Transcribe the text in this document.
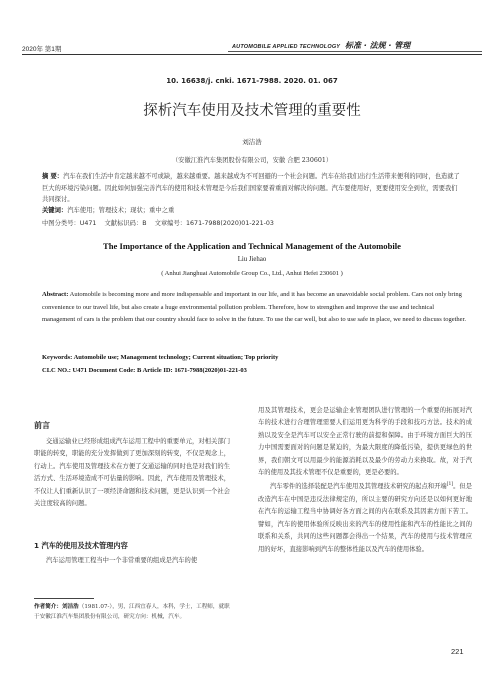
2020年 第1期	AUTOMOBILE APPLIED TECHNOLOGY 标准 · 法规 · 管理
10. 16638/j. cnki. 1671-7988. 2020. 01. 067
探析汽车使用及技术管理的重要性
刘洁浩
（安徽江淮汽车集团股份有限公司，安徽 合肥 230601）
摘 要：汽车在我们生活中肯定越来越不可或缺，越来越重要。越来越成为不可回避的一个社会问题。汽车在给我们出行生活带来便利的同时，也造就了巨大的环境污染问题。因此如何加强完善汽车的使用和技术管理是今后我们国家要着重面对解决的问题。汽车要使用好，更要使用安全到位，需要我们共同探讨。
关键词：汽车使用；管理技术；现状；重中之重
中图分类号：U471 文献标识码：B 文章编号：1671-7988(2020)01-221-03
The Importance of the Application and Technical Management of the Automobile
Liu Jiehao
( Anhui Jianghuai Automobile Group Co., Ltd., Anhui Hefei 230601 )
Abstract: Automobile is becoming more and more indispensable and important in our life, and it has become an unavoidable social problem. Cars not only bring convenience to our travel life, but also create a huge environmental pollution problem. Therefore, how to strengthen and improve the use and technical management of cars is the problem that our country should face to solve in the future. To use the car well, but also to use safe in place, we need to discuss together.
Keywords: Automobile use; Management technology; Current situation; Top priority
CLC NO.: U471 Document Code: B Article ID: 1671-7988(2020)01-221-03
前言

交通运输业已经形成组成汽车运用工程中的重要单元，对相关部门职能的转变，职能的充分发挥做到了更加深刻的转变，不仅是观念上，行动上。汽车使用及管理技术在方便了交通运输的同时也是对我们的生活方式、生活环境造成不可估量的影响。因此，汽车使用及管理技术，不仅让人们重新认识了一项经济命题和技术问题，更是认识到一个社会关注度较高的问题。

1 汽车的使用及技术管理内容

汽车运用管理工程当中一个非常重要的组成是汽车的使

作者简介：刘洁浩（1981.07-），男，江西宜春人，本科，学士，工程师，就职于安徽江淮汽车集团股份有限公司，研究方向：机械，汽车。

用及其管理技术，更会是运输企业管理团队进行管理的一个重要的拓展对汽车的技术进行合理管理需要人们运用更为科学的手段和技巧方法。技术的成熟以及安全是汽车可以安全正常行驶的前提和保障。由于环境方面巨大的压力中国需要面对的问题是紧迫的，为最大限度的降低污染，提供更绿色的世界，我们朝文可以用最少的能源消耗以及最少的劳动力来换取。故，对于汽车的使用及其技术管理不仅是重要的，更是必要的。

汽车零件的选择装配是汽车使用及其管理技术研究的起点和开端[1]。但是改造汽车在中国是违反法律规定的，所以主要的研究方向还是以如何更好地在汽车的运输工程当中协调好各方面之间的内在联系及其因素方面下苦工。譬如，汽车的使用体验所反映出来的汽车的使用性能和汽车的性能比之间的联系和关系，共同的这些问题都会得出一个结果，汽车的使用与技术管理应用的好坏，直接影响到汽车的整体性能以及汽车的使用体验。

221
